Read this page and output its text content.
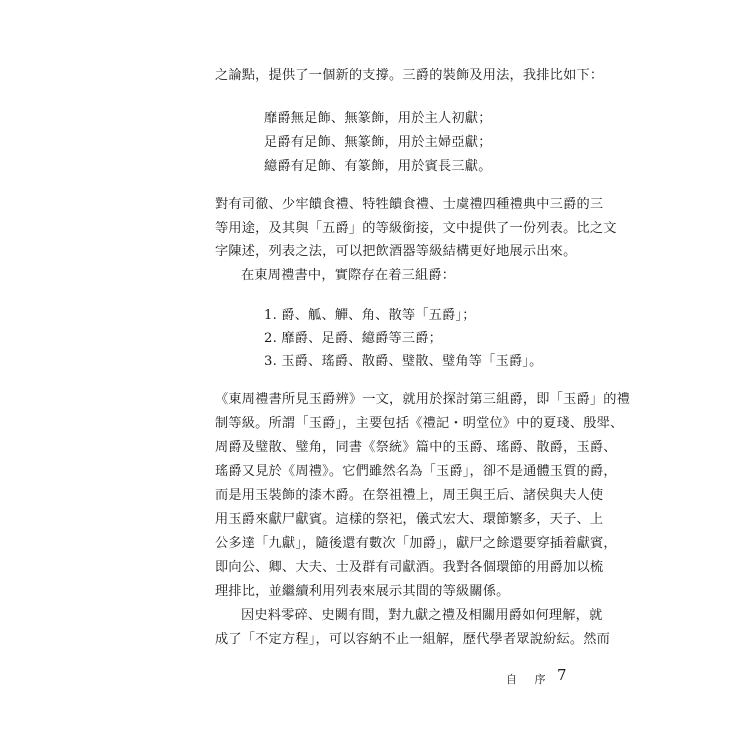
之論點，提供了一個新的支撐。三爵的裝飾及用法，我排比如下：
靡爵無足飾、無篆飾，用於主人初獻；
足爵有足飾、無篆飾，用於主婦亞獻；
繶爵有足飾、有篆飾，用於賓長三獻。
對有司徹、少牢饋食禮、特牲饋食禮、士虞禮四種禮典中三爵的三
等用途，及其與「五爵」的等級銜接，文中提供了一份列表。比之文
字陳述，列表之法，可以把飲酒器等級結構更好地展示出來。
在東周禮書中，實際存在着三組爵：
1. 爵、觚、觶、角、散等「五爵」；
2. 靡爵、足爵、繶爵等三爵；
3. 玉爵、瑤爵、散爵、璧散、璧角等「玉爵」。
《東周禮書所見玉爵辨》一文，就用於探討第三組爵，即「玉爵」的禮
制等級。所謂「玉爵」，主要包括《禮記・明堂位》中的夏琖、殷斝、
周爵及璧散、璧角，同書《祭統》篇中的玉爵、瑤爵、散爵，玉爵、
瑤爵又見於《周禮》。它們雖然名為「玉爵」，卻不是通體玉質的爵，
而是用玉裝飾的漆木爵。在祭祖禮上，周王與王后、諸侯與夫人使
用玉爵來獻尸獻賓。這樣的祭祀，儀式宏大、環節繁多，天子、上
公多達「九獻」，隨後還有數次「加爵」，獻尸之餘還要穿插着獻賓，
即向公、卿、大夫、士及群有司獻酒。我對各個環節的用爵加以梳
理排比，並繼續利用列表來展示其間的等級關係。
因史料零碎、史闕有間，對九獻之禮及相關用爵如何理解，就
成了「不定方程」，可以容納不止一組解，歷代學者眾說紛紜。然而
自 序 7
